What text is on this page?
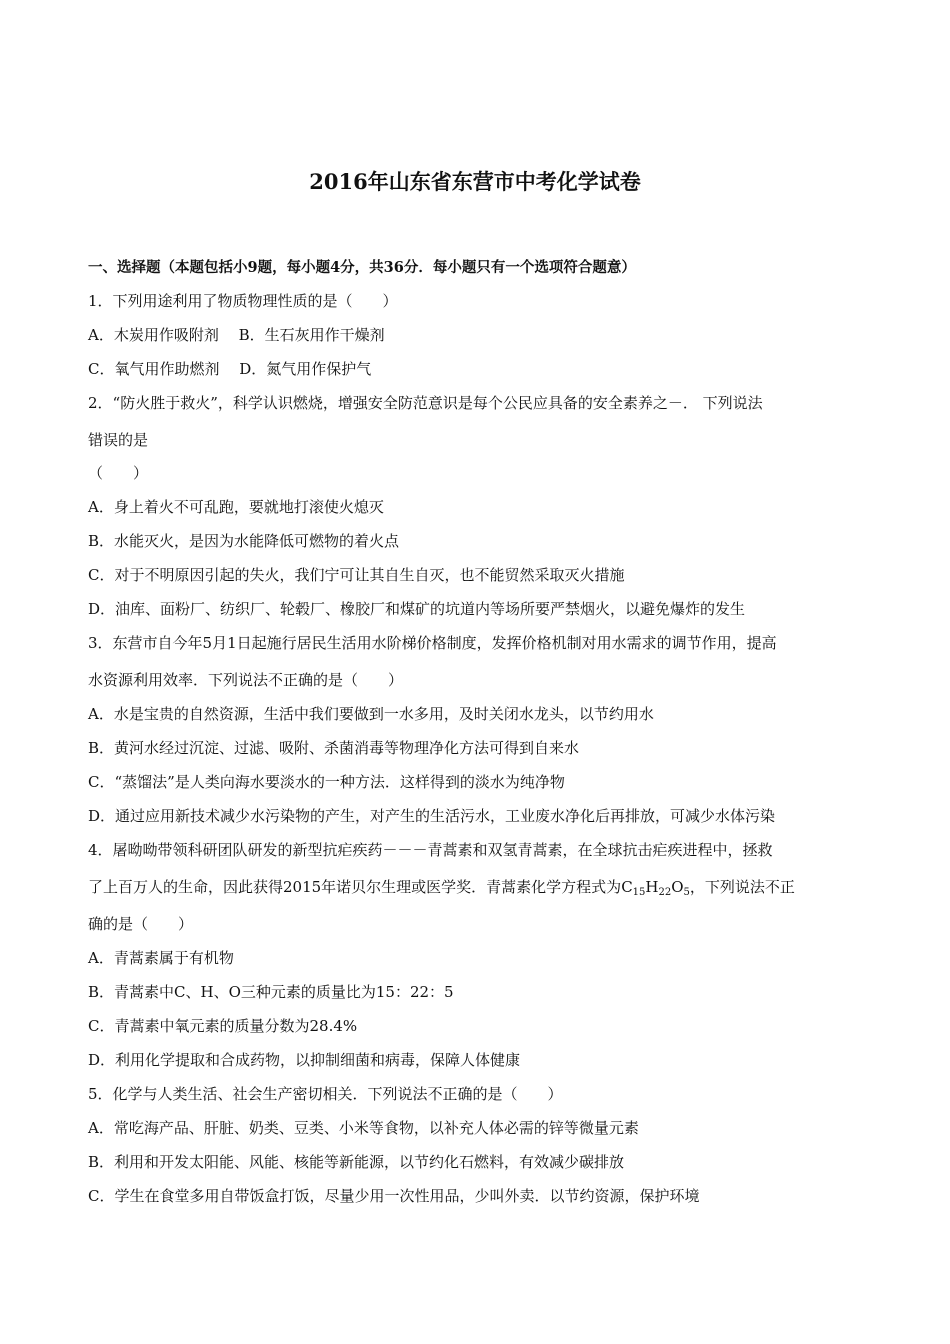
2016年山东省东营市中考化学试卷
一、选择题（本题包括小9题，每小题4分，共36分．每小题只有一个选项符合题意）
1．下列用途利用了物质物理性质的是（　　）
A．木炭用作吸附剂　 B．生石灰用作干燥剂
C．氧气用作助燃剂　 D．氮气用作保护气
2．“防火胜于救火”，科学认识燃烧，增强安全防范意识是每个公民应具备的安全素养之－． 下列说法
错误的是
（　　）
A．身上着火不可乱跑，要就地打滚使火熄灭
B．水能灭火，是因为水能降低可燃物的着火点
C．对于不明原因引起的失火，我们宁可让其自生自灭，也不能贸然采取灭火措施
D．油库、面粉厂、纺织厂、轮毂厂、橡胶厂和煤矿的坑道内等场所要严禁烟火，以避免爆炸的发生
3．东营市自今年5月1日起施行居民生活用水阶梯价格制度，发挥价格机制对用水需求的调节作用，提高
水资源利用效率．下列说法不正确的是（　　）
A．水是宝贵的自然资源，生活中我们要做到一水多用，及时关闭水龙头，以节约用水
B．黄河水经过沉淀、过滤、吸附、杀菌消毒等物理净化方法可得到自来水
C．“蒸馏法”是人类向海水要淡水的一种方法．这样得到的淡水为纯净物
D．通过应用新技术减少水污染物的产生，对产生的生活污水，工业废水净化后再排放，可减少水体污染
4．屠呦呦带领科研团队研发的新型抗疟疾药－－－青蒿素和双氢青蒿素，在全球抗击疟疾进程中，拯救
了上百万人的生命，因此获得2015年诺贝尔生理或医学奖．青蒿素化学方程式为$C_{15}H_{22}O_5$，下列说法不正
确的是（　　）
A．青蒿素属于有机物
B．青蒿素中C、H、O三种元素的质量比为15：22：5
C．青蒿素中氧元素的质量分数为28.4%
D．利用化学提取和合成药物，以抑制细菌和病毒，保障人体健康
5．化学与人类生活、社会生产密切相关．下列说法不正确的是（　　）
A．常吃海产品、肝脏、奶类、豆类、小米等食物，以补充人体必需的锌等微量元素
B．利用和开发太阳能、风能、核能等新能源，以节约化石燃料，有效减少碳排放
C．学生在食堂多用自带饭盒打饭，尽量少用一次性用品，少叫外卖．以节约资源，保护环境
